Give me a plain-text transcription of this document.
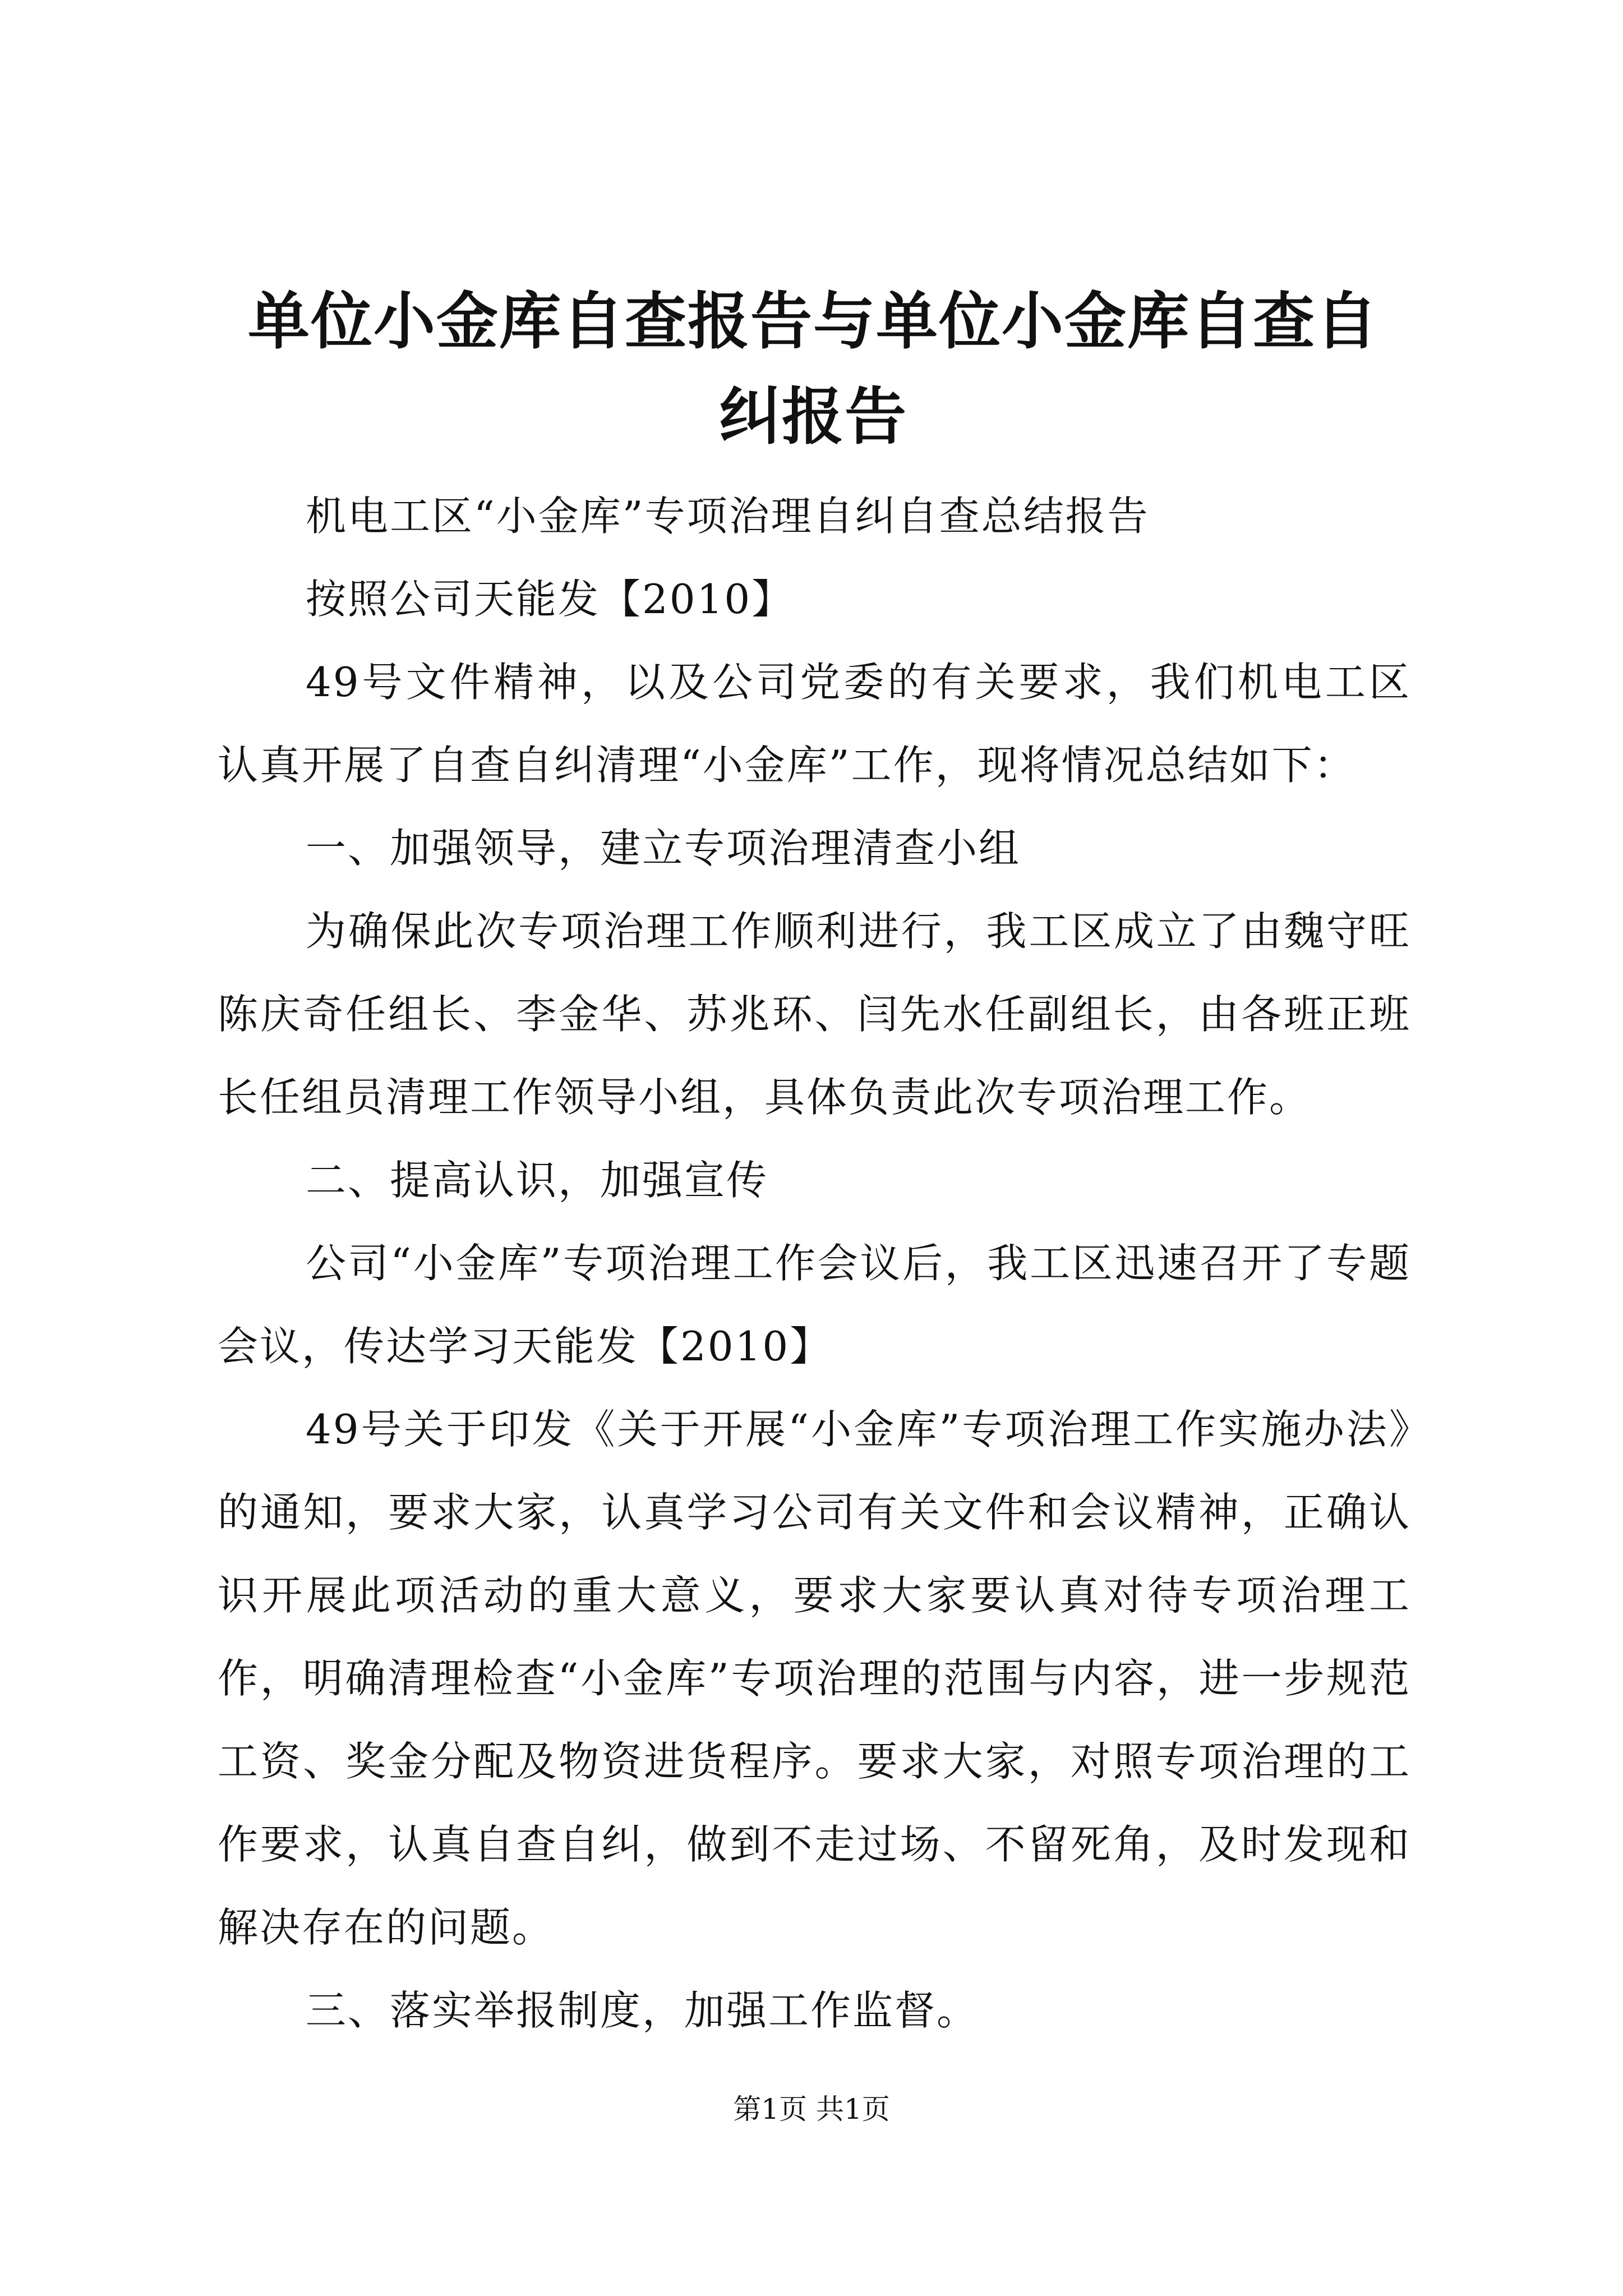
单位小金库自查报告与单位小金库自查自纠报告

机电工区“小金库”专项治理自纠自查总结报告

按照公司天能发【2010】

49号文件精神，以及公司党委的有关要求，我们机电工区认真开展了自查自纠清理“小金库”工作，现将情况总结如下：

一、加强领导，建立专项治理清查小组

为确保此次专项治理工作顺利进行，我工区成立了由魏守旺陈庆奇任组长、李金华、苏兆环、闫先水任副组长，由各班正班长任组员清理工作领导小组，具体负责此次专项治理工作。

二、提高认识，加强宣传

公司“小金库”专项治理工作会议后，我工区迅速召开了专题会议，传达学习天能发【2010】

49号关于印发《关于开展“小金库”专项治理工作实施办法》的通知，要求大家，认真学习公司有关文件和会议精神，正确认识开展此项活动的重大意义，要求大家要认真对待专项治理工作，明确清理检查“小金库”专项治理的范围与内容，进一步规范工资、奖金分配及物资进货程序。要求大家，对照专项治理的工作要求，认真自查自纠，做到不走过场、不留死角，及时发现和解决存在的问题。

三、落实举报制度，加强工作监督。

第1页 共1页
